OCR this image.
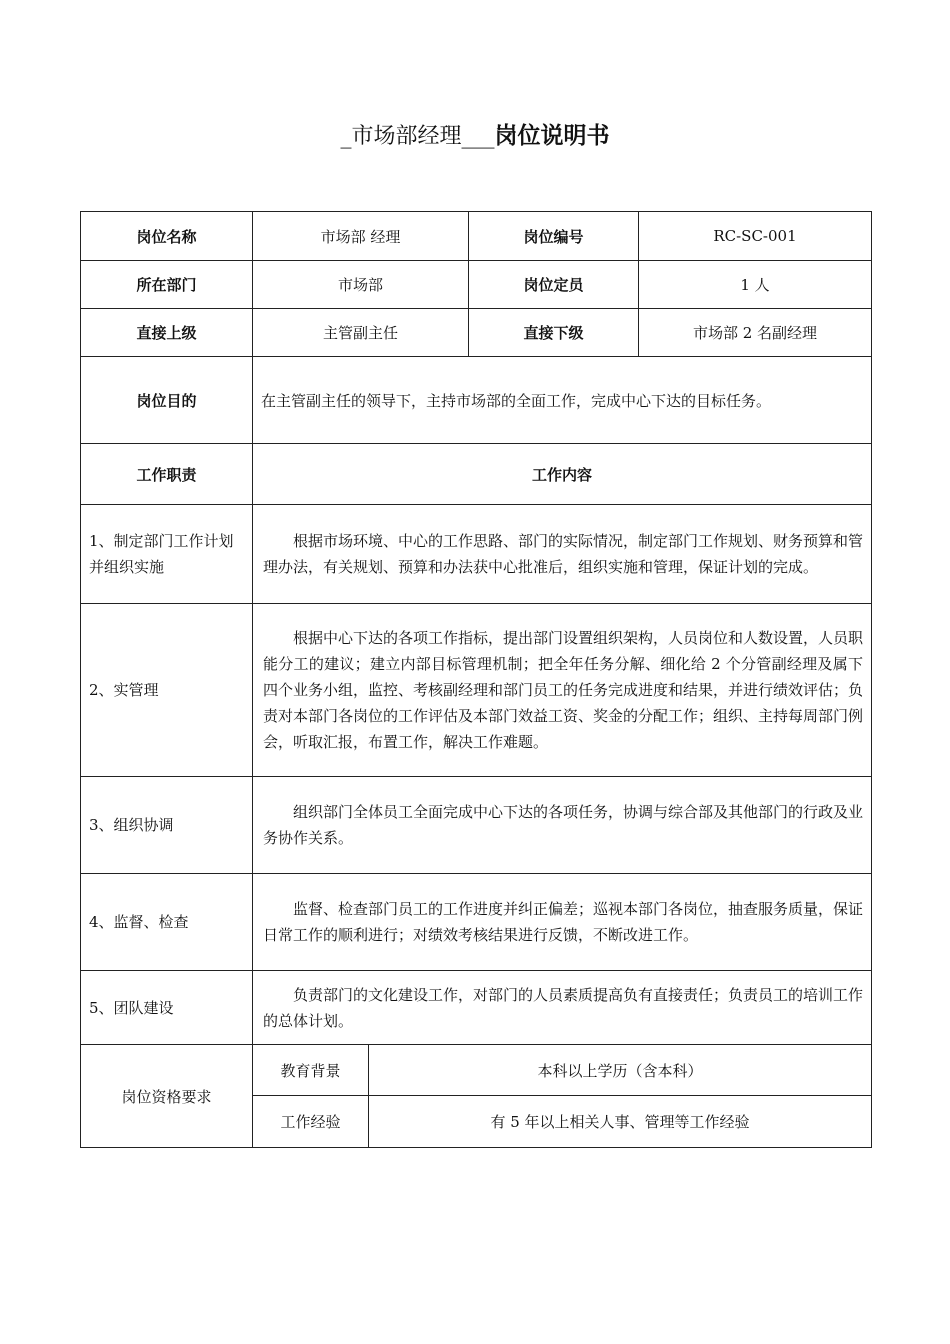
_市场部经理___岗位说明书
岗位名称	市场部 经理		岗位编号	RC-SC-001
所在部门	市场部		岗位定员	1 人
直接上级	主管副主任		直接下级	市场部 2 名副经理
岗位目的	在主管副主任的领导下，主持市场部的全面工作，完成中心下达的目标任务。			
工作职责	工作内容			
1、制定部门工作计划并组织实施	根据市场环境、中心的工作思路、部门的实际情况，制定部门工作规划、财务预算和管理办法，有关规划、预算和办法获中心批准后，组织实施和管理，保证计划的完成。			
2、实管理	根据中心下达的各项工作指标，提出部门设置组织架构，人员岗位和人数设置，人员职能分工的建议；建立内部目标管理机制；把全年任务分解、细化给 2 个分管副经理及属下四个业务小组，监控、考核副经理和部门员工的任务完成进度和结果，并进行绩效评估；负责对本部门各岗位的工作评估及本部门效益工资、奖金的分配工作；组织、主持每周部门例会，听取汇报，布置工作，解决工作难题。			
3、组织协调	组织部门全体员工全面完成中心下达的各项任务，协调与综合部及其他部门的行政及业务协作关系。			
4、监督、检查	监督、检查部门员工的工作进度并纠正偏差；巡视本部门各岗位，抽查服务质量，保证日常工作的顺利进行；对绩效考核结果进行反馈，不断改进工作。			
5、团队建设	负责部门的文化建设工作，对部门的人员素质提高负有直接责任；负责员工的培训工作的总体计划。			
岗位资格要求	教育背景	本科以上学历（含本科）		
	工作经验	有 5 年以上相关人事、管理等工作经验		
